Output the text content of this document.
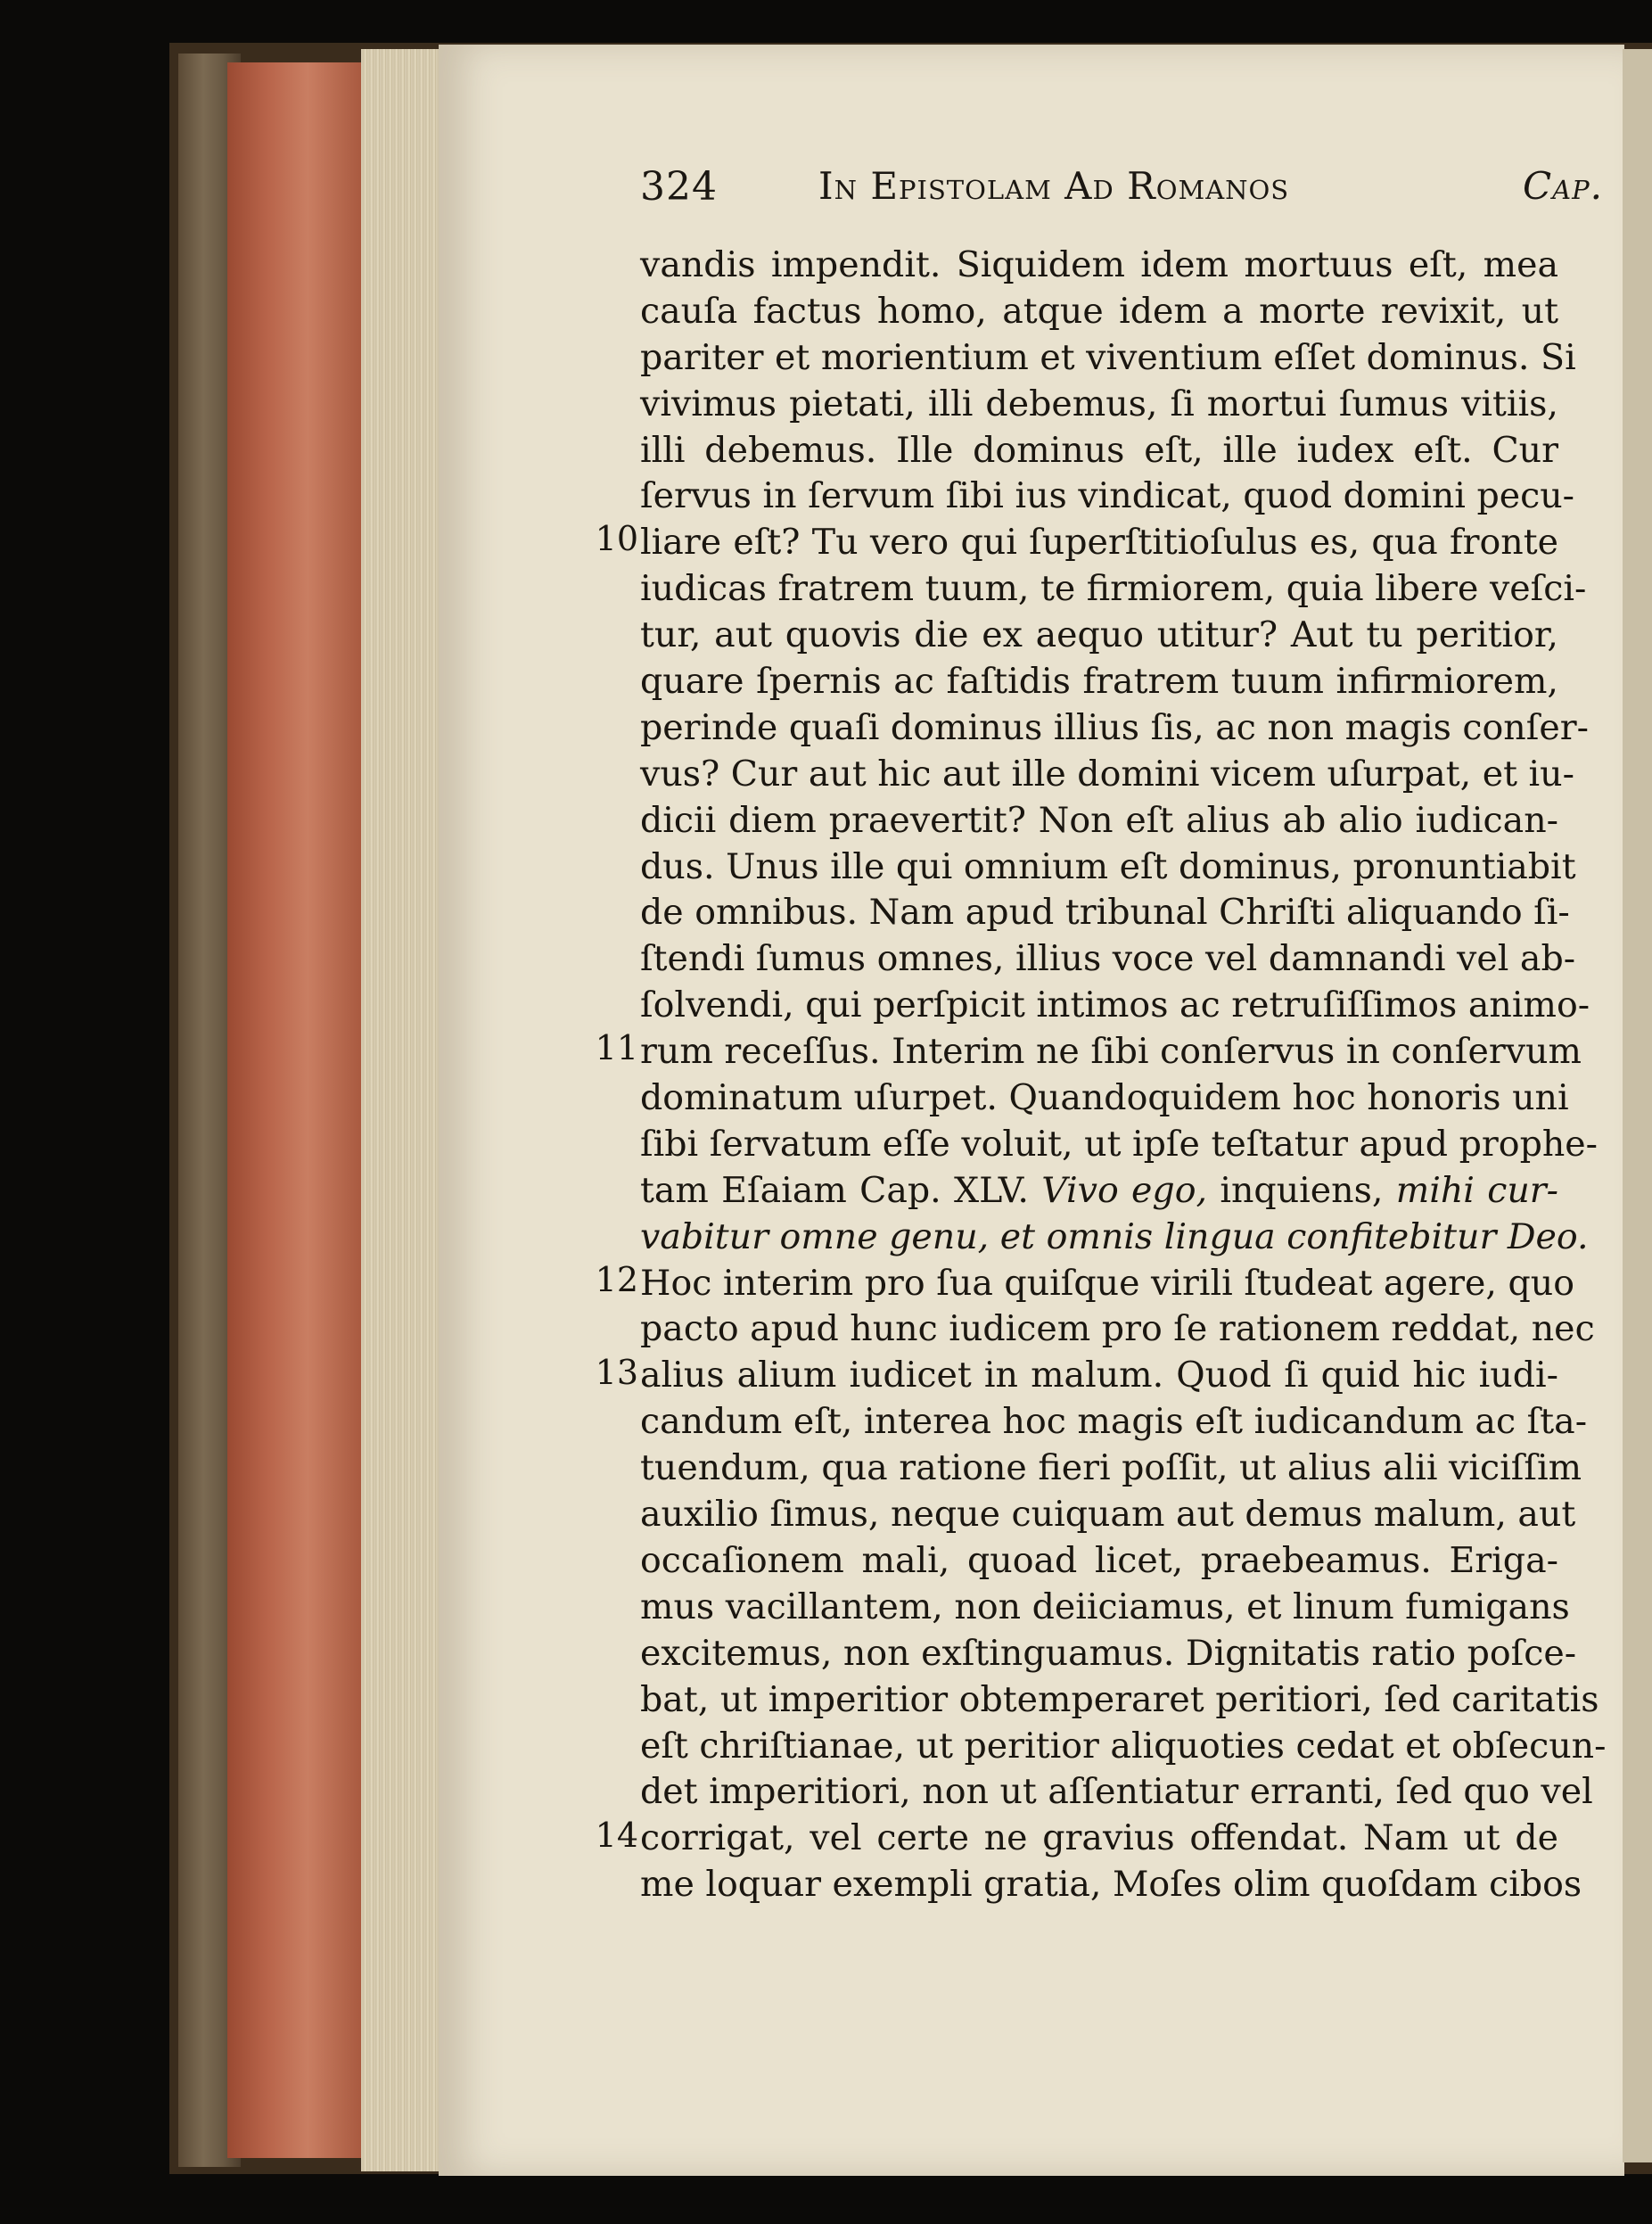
324	In Epistolam Ad Romanos	Cap.
vandis impendit. Siquidem idem mortuus eſt, mea
cauſa factus homo, atque idem a morte revixit, ut
pariter et morientium et viventium eſſet dominus. Si
vivimus pietati, illi debemus, ſi mortui ſumus vitiis,
illi debemus. Ille dominus eſt, ille iudex eſt. Cur
ſervus in ſervum ſibi ius vindicat, quod domini pecu-
liare eſt? Tu vero qui ſuperſtitioſulus es, qua fronte
iudicas fratrem tuum, te firmiorem, quia libere veſci-
tur, aut quovis die ex aequo utitur? Aut tu peritior,
quare ſpernis ac faſtidis fratrem tuum infirmiorem,
perinde quaſi dominus illius ſis, ac non magis conſer-
vus? Cur aut hic aut ille domini vicem uſurpat, et iu-
dicii diem praevertit? Non eſt alius ab alio iudican-
dus. Unus ille qui omnium eſt dominus, pronuntiabit
de omnibus. Nam apud tribunal Chriſti aliquando ſi-
ſtendi ſumus omnes, illius voce vel damnandi vel ab-
ſolvendi, qui perſpicit intimos ac retruſiſſimos animo-
rum receſſus. Interim ne ſibi conſervus in conſervum
dominatum uſurpet. Quandoquidem hoc honoris uni
ſibi ſervatum eſſe voluit, ut ipſe teſtatur apud prophe-
tam Eſaiam Cap. XLV. Vivo ego, inquiens, mihi cur-
vabitur omne genu, et omnis lingua confitebitur Deo.
Hoc interim pro ſua quiſque virili ſtudeat agere, quo
pacto apud hunc iudicem pro ſe rationem reddat, nec
alius alium iudicet in malum. Quod ſi quid hic iudi-
candum eſt, interea hoc magis eſt iudicandum ac ſta-
tuendum, qua ratione fieri poſſit, ut alius alii viciſſim
auxilio ſimus, neque cuiquam aut demus malum, aut
occaſionem mali, quoad licet, praebeamus. Eriga-
mus vacillantem, non deiiciamus, et linum fumigans
excitemus, non exſtinguamus. Dignitatis ratio poſce-
bat, ut imperitior obtemperaret peritiori, ſed caritatis
eſt chriſtianae, ut peritior aliquoties cedat et obſecun-
det imperitiori, non ut aſſentiatur erranti, ſed quo vel
corrigat, vel certe ne gravius offendat. Nam ut de
me loquar exempli gratia, Moſes olim quoſdam cibos
10
11
12
13
14
